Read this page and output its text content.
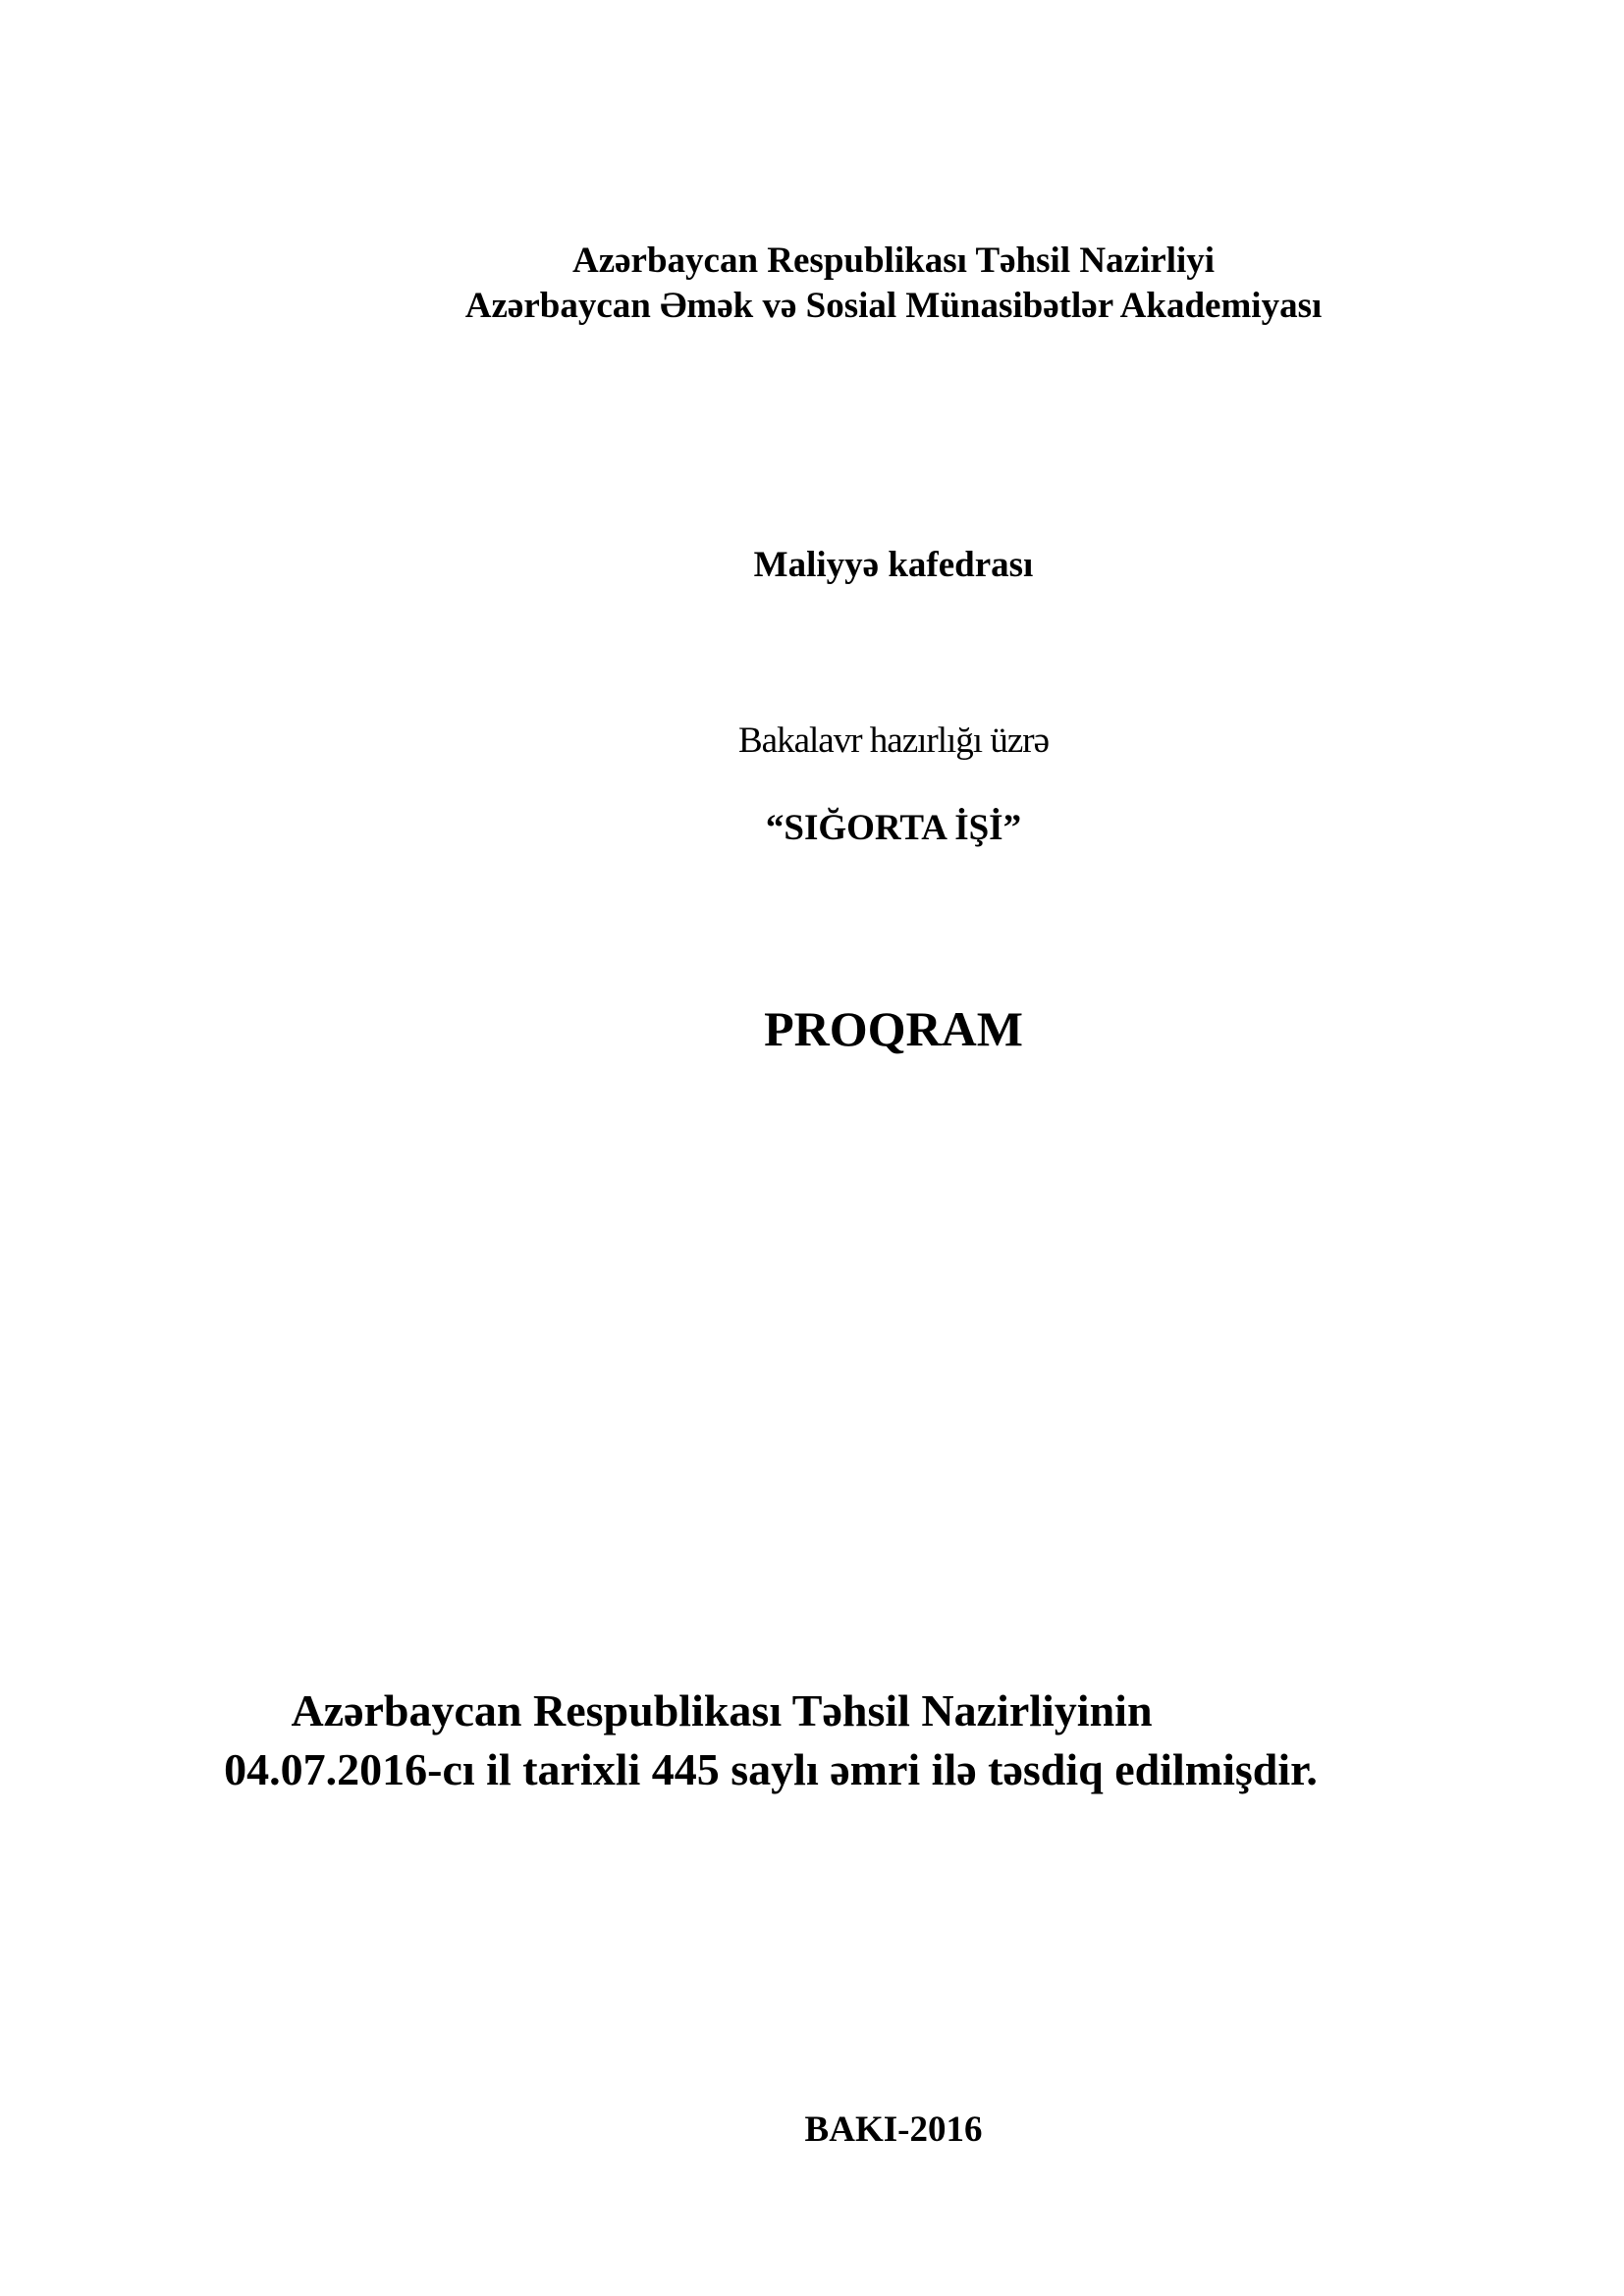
Azərbaycan Respublikası Təhsil Nazirliyi
Azərbaycan Əmək və Sosial Münasibətlər Akademiyası
Maliyyə kafedrası
Bakalavr hazırlığı üzrə
“SIĞORTA İŞİ”
PROQRAM
Azərbaycan Respublikası Təhsil Nazirliyinin
04.07.2016-cı il tarixli 445 saylı əmri ilə təsdiq edilmişdir.
BAKI-2016
